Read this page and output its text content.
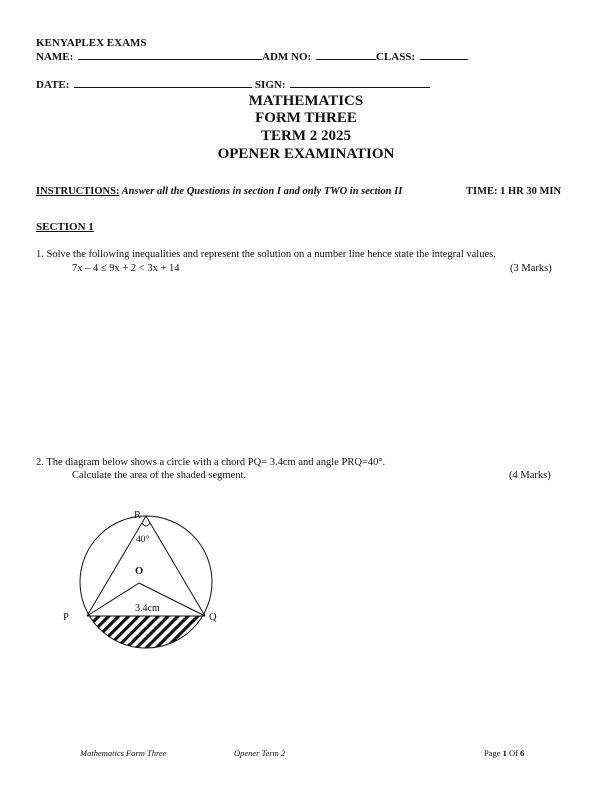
KENYAPLEX EXAMS
NAME:	ADM NO:	CLASS:
DATE:	SIGN:
MATHEMATICS
FORM THREE
TERM 2 2025
OPENER EXAMINATION
INSTRUCTIONS: Answer all the Questions in section I and only TWO in section II	TIME: 1 HR 30 MIN
SECTION 1
1. Solve the following inequalities and represent the solution on a number line hence state the integral values.
7x – 4 ≤ 9x + 2 < 3x + 14	(3 Marks)
2. The diagram below shows a circle with a chord PQ= 3.4cm and angle PRQ=40°.
Calculate the area of the shaded segment.	(4 Marks)
R
40°
O
3.4cm
P	Q
Mathematics Form Three	Opener Term 2	Page 1 Of 6
